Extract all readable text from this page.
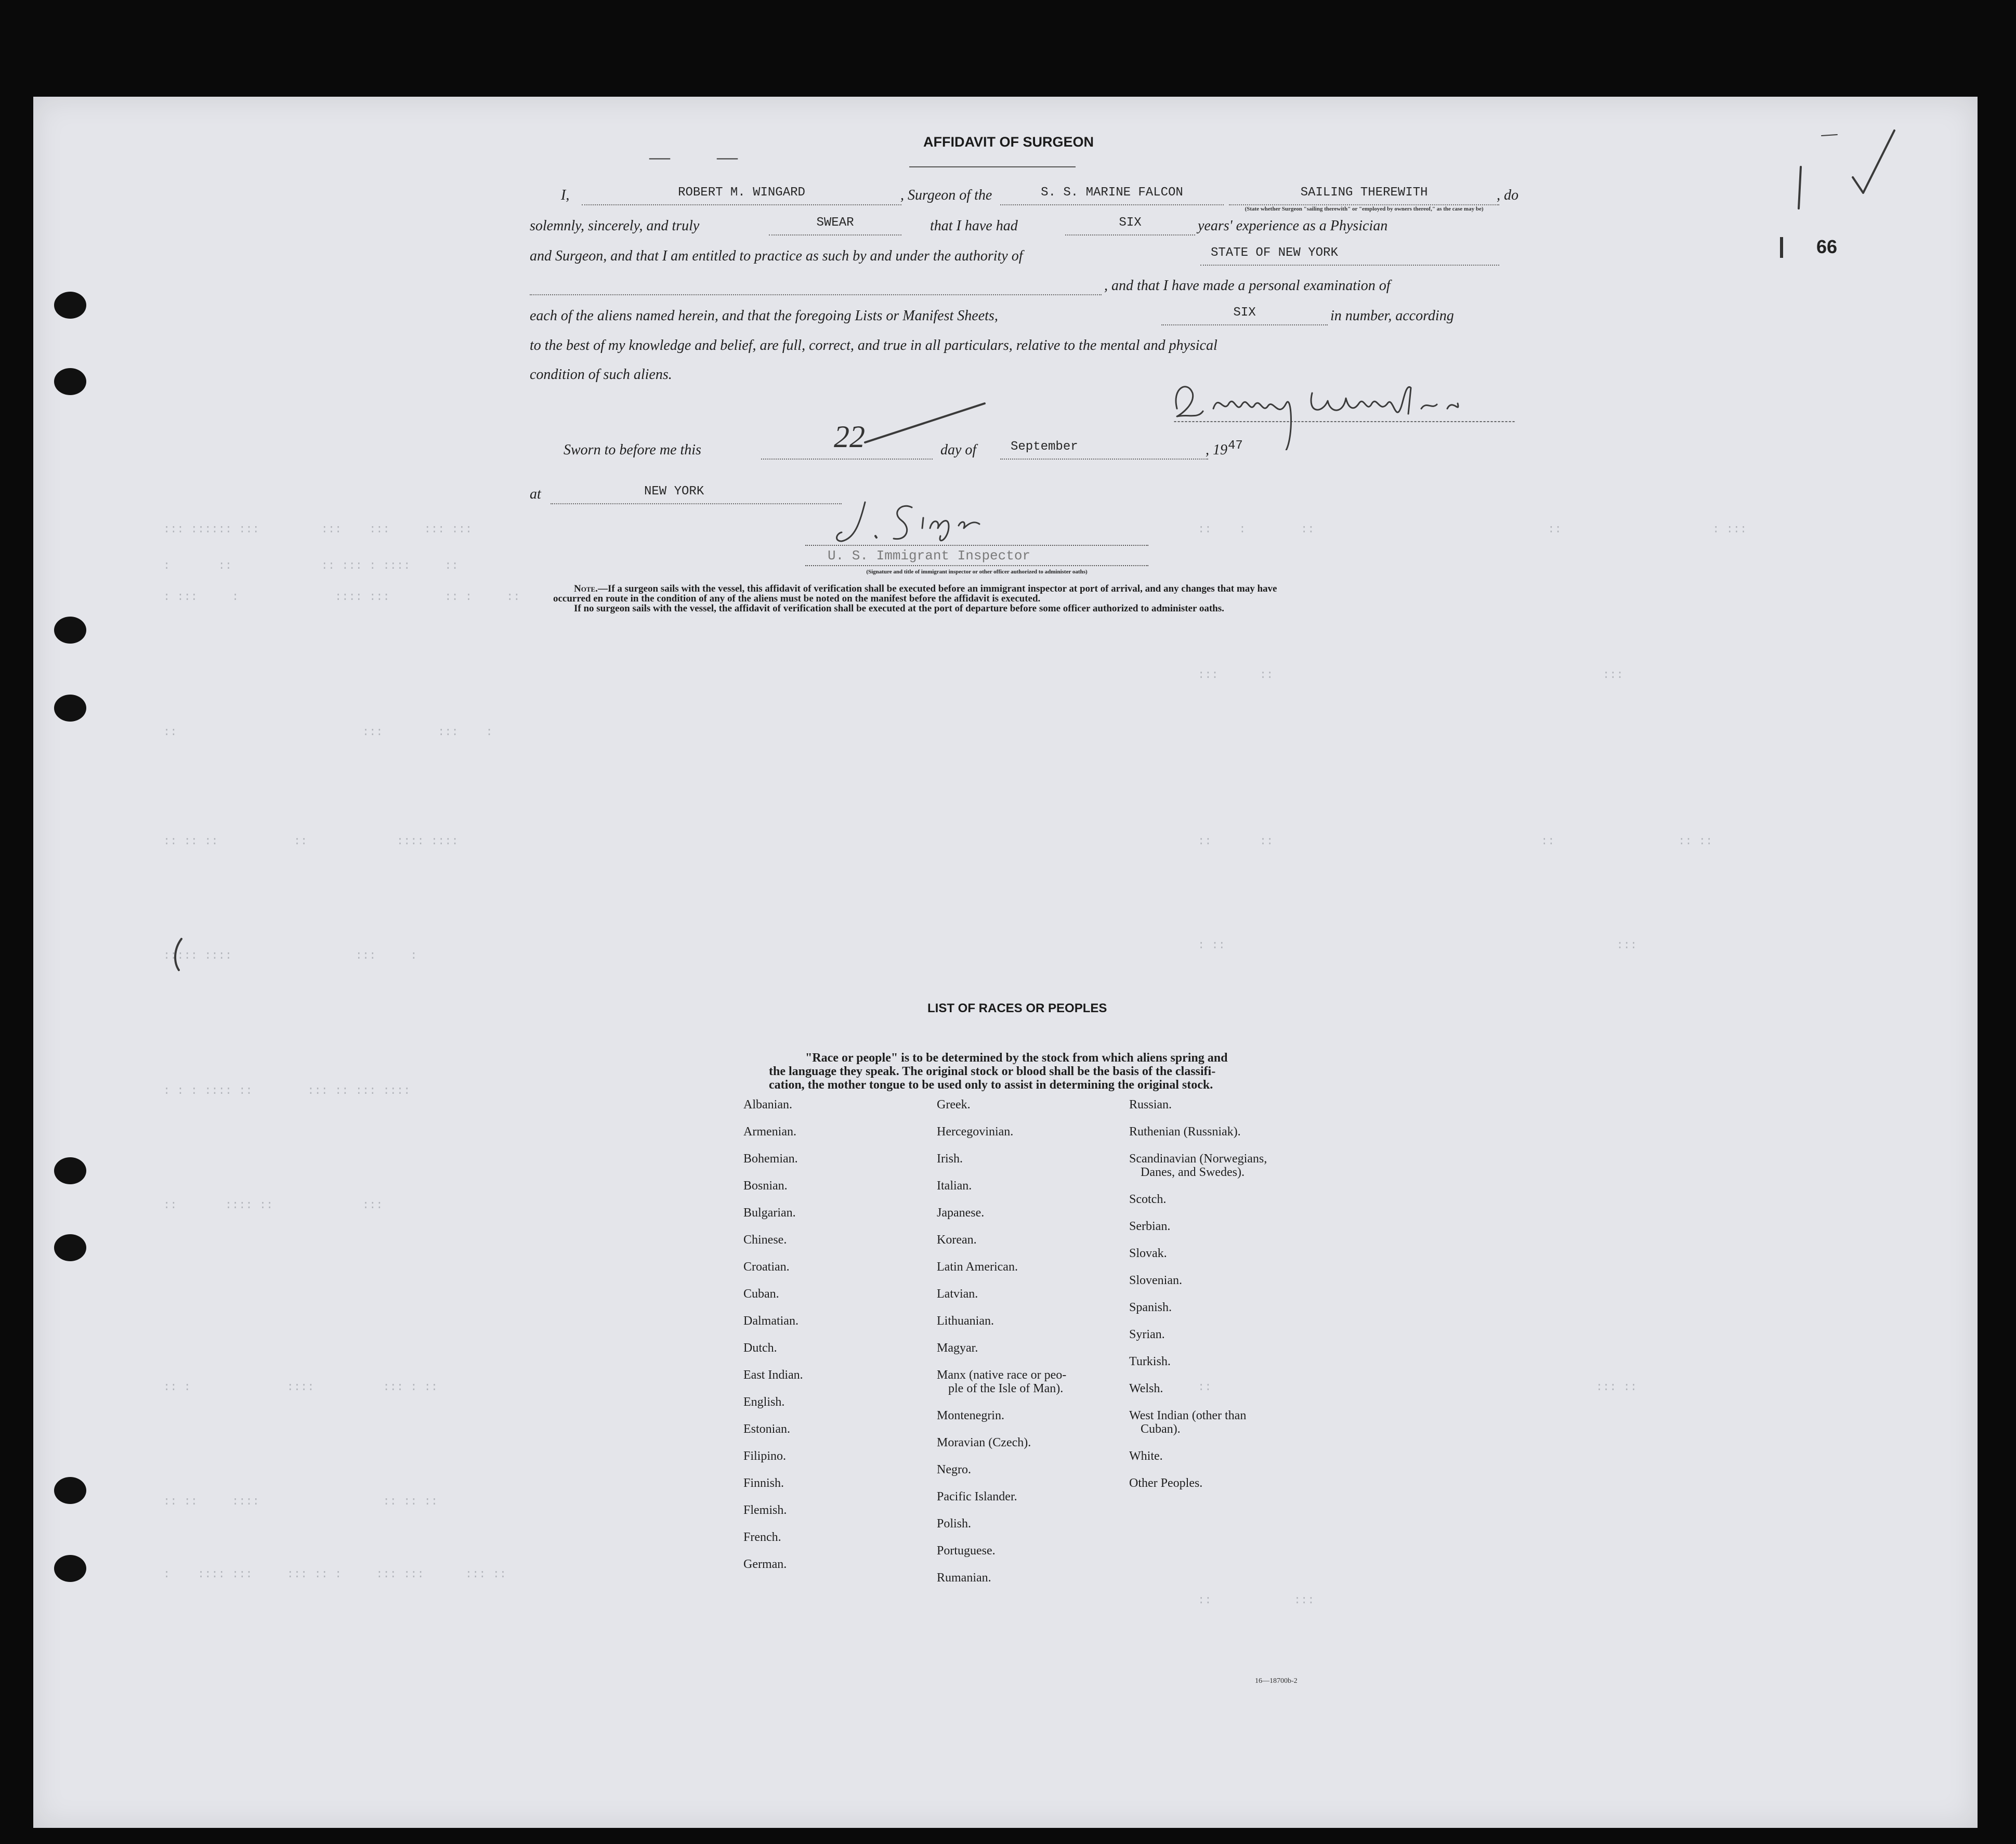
::: :::::: :::         :::    :::     ::: :::
:       ::             :: ::: : ::::     ::
: :::     :              :::: :::        :: :     ::
::                           :::        :::    :
:: :: ::           ::             :::: ::::
::::: ::::                  :::     :
: : : :::: ::        ::: :: ::: ::::
::       :::: ::             :::
:: :              ::::          ::: : ::
:: ::     ::::                  :: :: ::
:    :::: :::     ::: :: :     ::: :::      ::: ::
::    :        ::                                  ::                      : :::
:::      ::                                                :::
::       ::                                       ::                  :: ::
: ::                                                         :::
::                                                        ::: ::
::            :::
66
—         —
AFFIDAVIT OF SURGEON
I,	ROBERT M. WINGARD	, Surgeon of the	S. S. MARINE FALCON	SAILING THEREWITH
(State whether Surgeon "sailing therewith" or "employed by owners thereof," as the case may be)
, do
solemnly, sincerely, and truly	SWEAR	that I have had	SIX	years' experience as a Physician
and Surgeon, and that I am entitled to practice as such by and under the authority of	STATE OF NEW YORK
, and that I have made a personal examination of
each of the aliens named herein, and that the foregoing Lists or Manifest Sheets,	SIX	in number, according
to the best of my knowledge and belief, are full, correct, and true in all particulars, relative to the mental and physical
condition of such aliens.
Sworn to before me this	22	day of	September	, 19 47
at	NEW YORK
U. S. Immigrant Inspector
(Signature and title of immigrant inspector or other officer authorized to administer oaths)
Note.—If a surgeon sails with the vessel, this affidavit of verification shall be executed before an immigrant inspector at port of arrival, and any changes that may have
occurred en route in the condition of any of the aliens must be noted on the manifest before the affidavit is executed.
If no surgeon sails with the vessel, the affidavit of verification shall be executed at the port of departure before some officer authorized to administer oaths.
LIST OF RACES OR PEOPLES
"Race or people" is to be determined by the stock from which aliens spring and
the language they speak. The original stock or blood shall be the basis of the classifi-
cation, the mother tongue to be used only to assist in determining the original stock.
Albanian.
Armenian.
Bohemian.
Bosnian.
Bulgarian.
Chinese.
Croatian.
Cuban.
Dalmatian.
Dutch.
East Indian.
English.
Estonian.
Filipino.
Finnish.
Flemish.
French.
German.
Greek.
Hercegovinian.
Irish.
Italian.
Japanese.
Korean.
Latin American.
Latvian.
Lithuanian.
Magyar.
Manx (native race or peo-
ple of the Isle of Man).
Montenegrin.
Moravian (Czech).
Negro.
Pacific Islander.
Polish.
Portuguese.
Rumanian.
Russian.
Ruthenian (Russniak).
Scandinavian (Norwegians,
Danes, and Swedes).
Scotch.
Serbian.
Slovak.
Slovenian.
Spanish.
Syrian.
Turkish.
Welsh.
West Indian (other than
Cuban).
White.
Other Peoples.
16—18700b-2
